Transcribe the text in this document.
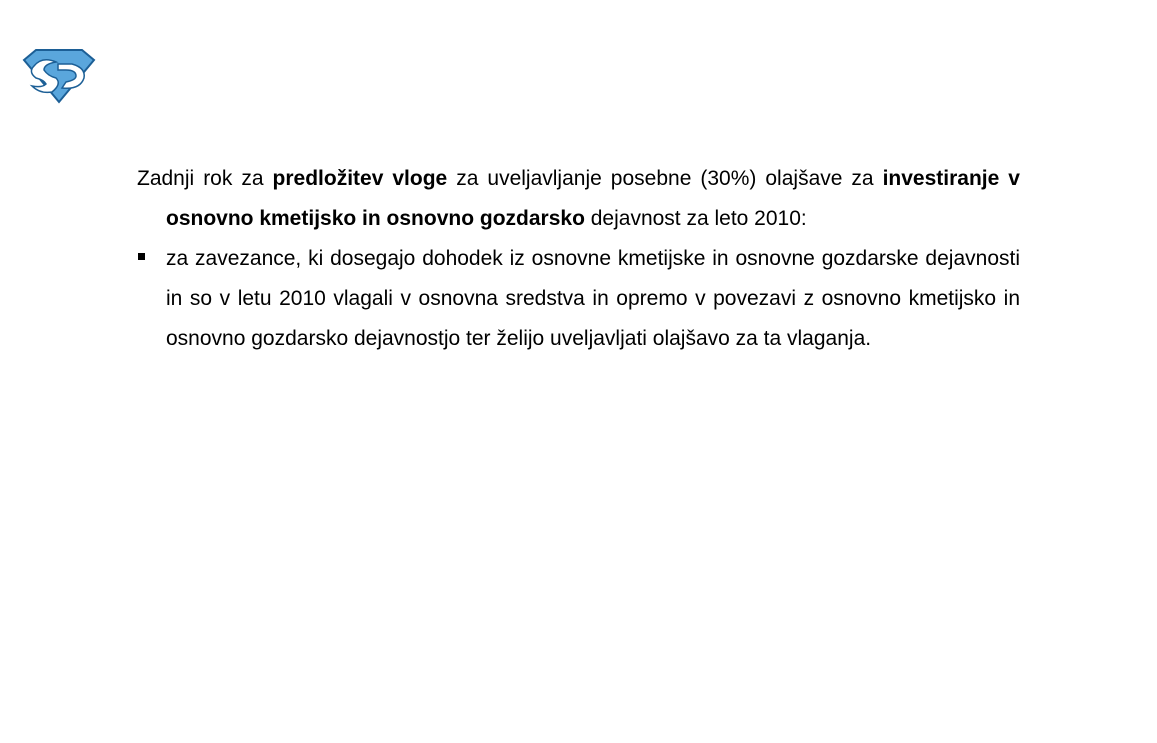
Zadnji rok za predložitev vloge za uveljavljanje posebne (30%) olajšave za investiranje v osnovno kmetijsko in osnovno gozdarsko dejavnost za leto 2010:

za zavezance, ki dosegajo dohodek iz osnovne kmetijske in osnovne gozdarske dejavnosti in so v letu 2010 vlagali v osnovna sredstva in opremo v povezavi z osnovno kmetijsko in osnovno gozdarsko dejavnostjo ter želijo uveljavljati olajšavo za ta vlaganja.
